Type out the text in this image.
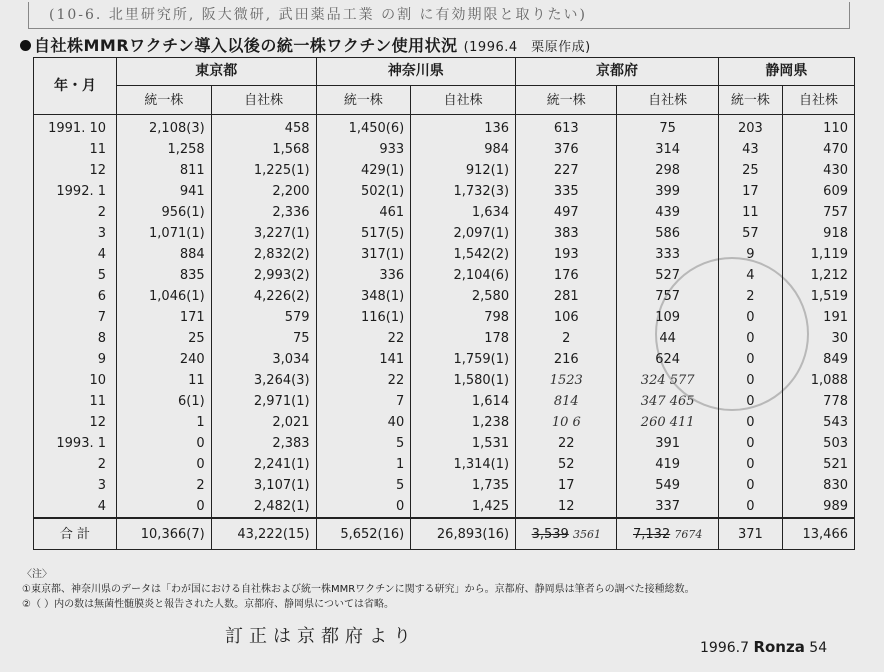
(10-6. 北里研究所, 阪大微研, 武田薬品工業 の割 に有効期限と取りたい)
自社株MMRワクチン導入以後の統一株ワクチン使用状況 (1996.4　栗原作成)
年・月	東京都		神奈川県		京都府		静岡県	
	統一株	自社株	統一株	自社株	統一株	自社株	統一株	自社株
1991. 10	2,108(3)	458	1,450(6)	136	613	75	203	110
11	1,258	1,568	933	984	376	314	43	470
12	811	1,225(1)	429(1)	912(1)	227	298	25	430
1992. 1	941	2,200	502(1)	1,732(3)	335	399	17	609
2	956(1)	2,336	461	1,634	497	439	11	757
3	1,071(1)	3,227(1)	517(5)	2,097(1)	383	586	57	918
4	884	2,832(2)	317(1)	1,542(2)	193	333	9	1,119
5	835	2,993(2)	336	2,104(6)	176	527	4	1,212
6	1,046(1)	4,226(2)	348(1)	2,580	281	757	2	1,519
7	171	579	116(1)	798	106	109	0	191
8	25	75	22	178	2	44	0	30
9	240	3,034	141	1,759(1)	216	624	0	849
10	11	3,264(3)	22	1,580(1)	1523	324 577	0	1,088
11	6(1)	2,971(1)	7	1,614	814	347 465	0	778
12	1	2,021	40	1,238	10 6	260 411	0	543
1993. 1	0	2,383	5	1,531	22	391	0	503
2	0	2,241(1)	1	1,314(1)	52	419	0	521
3	2	3,107(1)	5	1,735	17	549	0	830
4	0	2,482(1)	0	1,425	12	337	0	989
合 計	10,366(7)	43,222(15)	5,652(16)	26,893(16)	3,539 3561	7,132 7674	371	13,466
〈注〉
①東京都、神奈川県のデータは「わが国における自社株および統一株MMRワクチンに関する研究」から。京都府、静岡県は筆者らの調べた接種総数。
②（ ）内の数は無菌性髄膜炎と報告された人数。京都府、静岡県については省略。
訂正は京都府より
1996.7 Ronza 54
